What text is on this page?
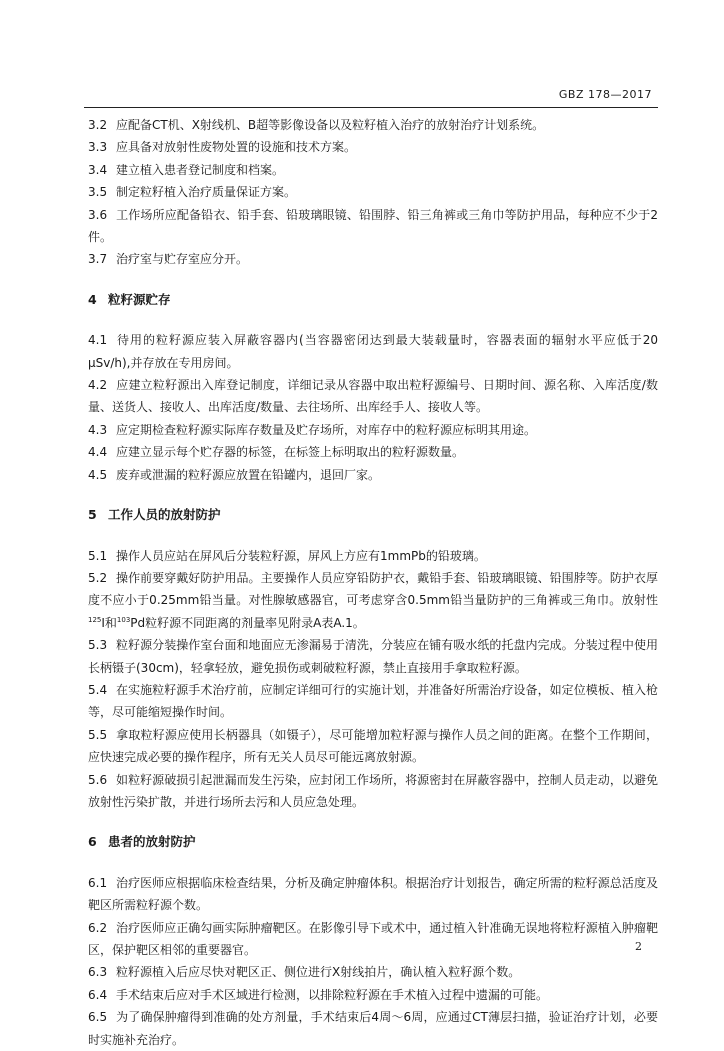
GBZ 178—2017

3.2 应配备CT机、X射线机、B超等影像设备以及粒籽植入治疗的放射治疗计划系统。

3.3 应具备对放射性废物处置的设施和技术方案。

3.4 建立植入患者登记制度和档案。

3.5 制定粒籽植入治疗质量保证方案。

3.6 工作场所应配备铅衣、铅手套、铅玻璃眼镜、铅围脖、铅三角裤或三角巾等防护用品，每种应不少于2件。

3.7 治疗室与贮存室应分开。

4 粒籽源贮存

4.1 待用的粒籽源应装入屏蔽容器内(当容器密闭达到最大装载量时，容器表面的辐射水平应低于20 μSv/h),并存放在专用房间。

4.2 应建立粒籽源出入库登记制度，详细记录从容器中取出粒籽源编号、日期时间、源名称、入库活度/数量、送货人、接收人、出库活度/数量、去往场所、出库经手人、接收人等。

4.3 应定期检查粒籽源实际库存数量及贮存场所，对库存中的粒籽源应标明其用途。

4.4 应建立显示每个贮存器的标签，在标签上标明取出的粒籽源数量。

4.5 废弃或泄漏的粒籽源应放置在铅罐内，退回厂家。

5 工作人员的放射防护

5.1 操作人员应站在屏风后分装粒籽源，屏风上方应有1mmPb的铅玻璃。

5.2 操作前要穿戴好防护用品。主要操作人员应穿铅防护衣，戴铅手套、铅玻璃眼镜、铅围脖等。防护衣厚度不应小于0.25mm铅当量。对性腺敏感器官，可考虑穿含0.5mm铅当量防护的三角裤或三角巾。放射性$^{125}$I和$^{103}$Pd粒籽源不同距离的剂量率见附录A表A.1。

5.3 粒籽源分装操作室台面和地面应无渗漏易于清洗，分装应在铺有吸水纸的托盘内完成。分装过程中使用长柄镊子(30cm)，轻拿轻放，避免损伤或刺破粒籽源，禁止直接用手拿取粒籽源。

5.4 在实施粒籽源手术治疗前，应制定详细可行的实施计划，并准备好所需治疗设备，如定位模板、植入枪等，尽可能缩短操作时间。

5.5 拿取粒籽源应使用长柄器具（如镊子），尽可能增加粒籽源与操作人员之间的距离。在整个工作期间，应快速完成必要的操作程序，所有无关人员尽可能远离放射源。

5.6 如粒籽源破损引起泄漏而发生污染，应封闭工作场所，将源密封在屏蔽容器中，控制人员走动，以避免放射性污染扩散，并进行场所去污和人员应急处理。

6 患者的放射防护

6.1 治疗医师应根据临床检查结果，分析及确定肿瘤体积。根据治疗计划报告，确定所需的粒籽源总活度及靶区所需粒籽源个数。

6.2 治疗医师应正确勾画实际肿瘤靶区。在影像引导下或术中，通过植入针准确无误地将粒籽源植入肿瘤靶区，保护靶区相邻的重要器官。

6.3 粒籽源植入后应尽快对靶区正、侧位进行X射线拍片，确认植入粒籽源个数。

6.4 手术结束后应对手术区域进行检测，以排除粒籽源在手术植入过程中遗漏的可能。

6.5 为了确保肿瘤得到准确的处方剂量，手术结束后4周～6周，应通过CT薄层扫描，验证治疗计划，必要时实施补充治疗。

2
